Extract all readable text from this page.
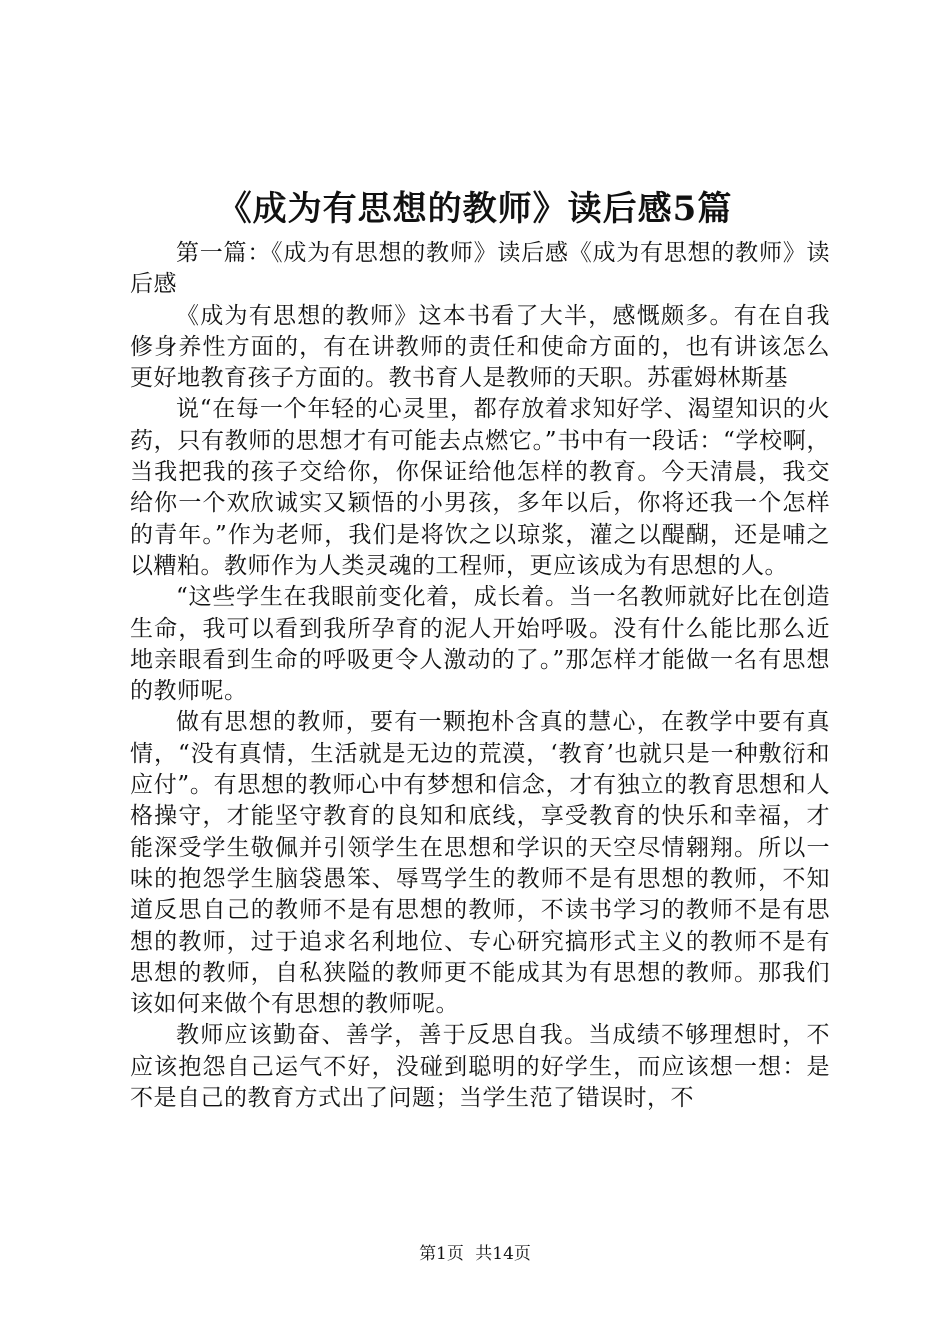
《成为有思想的教师》读后感5篇

第一篇：《成为有思想的教师》读后感《成为有思想的教师》读后感

《成为有思想的教师》这本书看了大半，感慨颇多。有在自我修身养性方面的，有在讲教师的责任和使命方面的，也有讲该怎么更好地教育孩子方面的。教书育人是教师的天职。苏霍姆林斯基

说“在每一个年轻的心灵里，都存放着求知好学、渴望知识的火药，只有教师的思想才有可能去点燃它。”书中有一段话：“学校啊，当我把我的孩子交给你，你保证给他怎样的教育。今天清晨，我交给你一个欢欣诚实又颖悟的小男孩，多年以后，你将还我一个怎样的青年。”作为老师，我们是将饮之以琼浆，灌之以醍醐，还是哺之以糟粕。教师作为人类灵魂的工程师，更应该成为有思想的人。

“这些学生在我眼前变化着，成长着。当一名教师就好比在创造生命，我可以看到我所孕育的泥人开始呼吸。没有什么能比那么近地亲眼看到生命的呼吸更令人激动的了。”那怎样才能做一名有思想的教师呢。

做有思想的教师，要有一颗抱朴含真的慧心，在教学中要有真情，“没有真情，生活就是无边的荒漠，‘教育’也就只是一种敷衍和应付”。有思想的教师心中有梦想和信念，才有独立的教育思想和人格操守，才能坚守教育的良知和底线，享受教育的快乐和幸福，才能深受学生敬佩并引领学生在思想和学识的天空尽情翱翔。所以一味的抱怨学生脑袋愚笨、辱骂学生的教师不是有思想的教师，不知道反思自己的教师不是有思想的教师，不读书学习的教师不是有思想的教师，过于追求名利地位、专心研究搞形式主义的教师不是有思想的教师，自私狭隘的教师更不能成其为有思想的教师。那我们该如何来做个有思想的教师呢。

教师应该勤奋、善学，善于反思自我。当成绩不够理想时，不应该抱怨自己运气不好，没碰到聪明的好学生，而应该想一想：是不是自己的教育方式出了问题；当学生范了错误时，不

第1页 共14页
